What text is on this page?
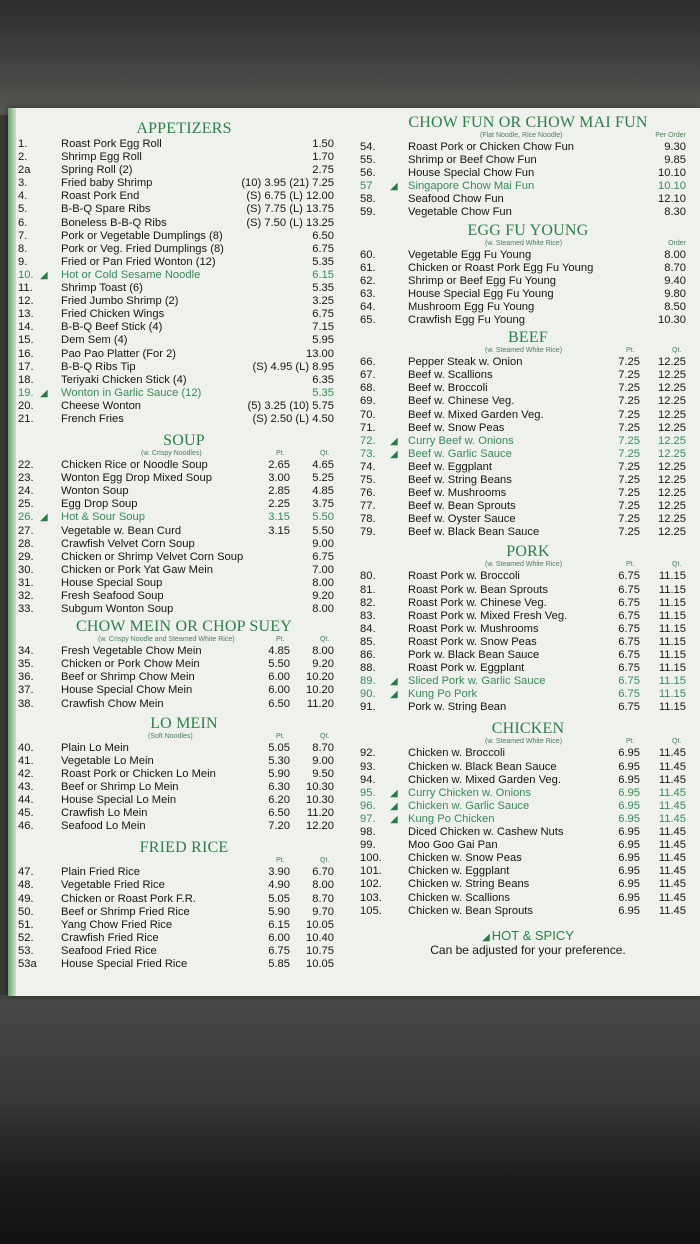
APPETIZERS
1.	Roast Pork Egg Roll	1.50
2.	Shrimp Egg Roll	1.70
2a	Spring Roll (2)	2.75
3.	Fried baby Shrimp	(10) 3.95 (21) 7.25
4.	Roast Pork End	(S) 6.75 (L) 12.00
5.	B-B-Q Spare Ribs	(S) 7.75 (L) 13.75
6.	Boneless B-B-Q Ribs	(S) 7.50 (L) 13.25
7.	Pork or Vegetable Dumplings (8)	6.50
8.	Pork or Veg. Fried Dumplings (8)	6.75
9.	Fried or Pan Fried Wonton (12)	5.35
10. ◢ Hot or Cold Sesame Noodle	6.15
11.	Shrimp Toast (6)	5.35
12.	Fried Jumbo Shrimp (2)	3.25
13.	Fried Chicken Wings	6.75
14.	B-B-Q Beef Stick (4)	7.15
15.	Dem Sem (4)	5.95
16.	Pao Pao Platter (For 2)	13.00
17.	B-B-Q Ribs Tip	(S) 4.95 (L) 8.95
18.	Teriyaki Chicken Stick (4)	6.35
19. ◢ Wonton in Garlic Sauce (12)	5.35
20.	Cheese Wonton	(5) 3.25 (10) 5.75
21.	French Fries	(S) 2.50 (L) 4.50
SOUP
(w. Crispy Noodles)	Pt.	Qt.
22.	Chicken Rice or Noodle Soup	2.65 4.65
23.	Wonton Egg Drop Mixed Soup	3.00 5.25
24.	Wonton Soup	2.85 4.85
25.	Egg Drop Soup	2.25 3.75
26. ◢ Hot & Sour Soup	3.15 5.50
27.	Vegetable w. Bean Curd	3.15 5.50
28.	Crawfish Velvet Corn Soup	9.00
29.	Chicken or Shrimp Velvet Corn Soup	6.75
30.	Chicken or Pork Yat Gaw Mein	7.00
31.	House Special Soup	8.00
32.	Fresh Seafood Soup	9.20
33.	Subgum Wonton Soup	8.00
CHOW MEIN OR CHOP SUEY
(w. Crispy Noodle and Steamed White Rice)	Pt.	Qt.
34.	Fresh Vegetable Chow Mein	4.85 8.00
35.	Chicken or Pork Chow Mein	5.50 9.20
36.	Beef or Shrimp Chow Mein	6.00 10.20
37.	House Special Chow Mein	6.00 10.20
38.	Crawfish Chow Mein	6.50 11.20
LO MEIN
(Soft Noodles)	Pt.	Qt.
40.	Plain Lo Mein	5.05 8.70
41.	Vegetable Lo Mein	5.30 9.00
42.	Roast Pork or Chicken Lo Mein	5.90 9.50
43.	Beef or Shrimp Lo Mein	6.30 10.30
44.	House Special Lo Mein	6.20 10.30
45.	Crawfish Lo Mein	6.50 11.20
46.	Seafood Lo Mein	7.20 12.20
FRIED RICE
Pt.	Qt.
47.	Plain Fried Rice	3.90 6.70
48.	Vegetable Fried Rice	4.90 8.00
49.	Chicken or Roast Pork F.R.	5.05 8.70
50.	Beef or Shrimp Fried Rice	5.90 9.70
51.	Yang Chow Fried Rice	6.15 10.05
52.	Crawfish Fried Rice	6.00 10.40
53.	Seafood Fried Rice	6.75 10.75
53a	House Special Fried Rice	5.85 10.05
CHOW FUN OR CHOW MAI FUN
(Flat Noodle, Rice Noodle)	Per Order
54.	Roast Pork or Chicken Chow Fun	9.30
55.	Shrimp or Beef Chow Fun	9.85
56.	House Special Chow Fun	10.10
57	◢ Singapore Chow Mai Fun	10.10
58.	Seafood Chow Fun	12.10
59.	Vegetable Chow Fun	8.30
EGG FU YOUNG
(w. Steamed White Rice)	Order
60.	Vegetable Egg Fu Young	8.00
61.	Chicken or Roast Pork Egg Fu Young	8.70
62.	Shrimp or Beef Egg Fu Young	9.40
63.	House Special Egg Fu Young	9.80
64.	Mushroom Egg Fu Young	8.50
65.	Crawfish Egg Fu Young	10.30
BEEF
(w. Steamed White Rice)	Pt.	Qt.
66.	Pepper Steak w. Onion	7.25 12.25
67.	Beef w. Scallions	7.25 12.25
68.	Beef w. Broccoli	7.25 12.25
69.	Beef w. Chinese Veg.	7.25 12.25
70.	Beef w. Mixed Garden Veg.	7.25 12.25
71.	Beef w. Snow Peas	7.25 12.25
72.	◢ Curry Beef w. Onions	7.25 12.25
73.	◢ Beef w. Garlic Sauce	7.25 12.25
74.	Beef w. Eggplant	7.25 12.25
75.	Beef w. String Beans	7.25 12.25
76.	Beef w. Mushrooms	7.25 12.25
77.	Beef w. Bean Sprouts	7.25 12.25
78.	Beef w. Oyster Sauce	7.25 12.25
79.	Beef w. Black Bean Sauce	7.25 12.25
PORK
(w. Steamed White Rice)	Pt.	Qt.
80.	Roast Pork w. Broccoli	6.75 11.15
81.	Roast Pork w. Bean Sprouts	6.75 11.15
82.	Roast Pork w. Chinese Veg.	6.75 11.15
83.	Roast Pork w. Mixed Fresh Veg.	6.75 11.15
84.	Roast Pork w. Mushrooms	6.75 11.15
85.	Roast Pork w. Snow Peas	6.75 11.15
86.	Pork w. Black Bean Sauce	6.75 11.15
88.	Roast Pork w. Eggplant	6.75 11.15
89.	◢ Sliced Pork w. Garlic Sauce	6.75 11.15
90.	◢ Kung Po Pork	6.75 11.15
91.	Pork w. String Bean	6.75 11.15
CHICKEN
(w. Steamed White Rice)	Pt.	Qt.
92.	Chicken w. Broccoli	6.95 11.45
93.	Chicken w. Black Bean Sauce	6.95 11.45
94.	Chicken w. Mixed Garden Veg.	6.95 11.45
95.	◢ Curry Chicken w. Onions	6.95 11.45
96.	◢ Chicken w. Garlic Sauce	6.95 11.45
97.	◢ Kung Po Chicken	6.95 11.45
98.	Diced Chicken w. Cashew Nuts	6.95 11.45
99.	Moo Goo Gai Pan	6.95 11.45
100.	Chicken w. Snow Peas	6.95 11.45
101.	Chicken w. Eggplant	6.95 11.45
102.	Chicken w. String Beans	6.95 11.45
103.	Chicken w. Scallions	6.95 11.45
105.	Chicken w. Bean Sprouts	6.95 11.45
◢ HOT & SPICY
Can be adjusted for your preference.
